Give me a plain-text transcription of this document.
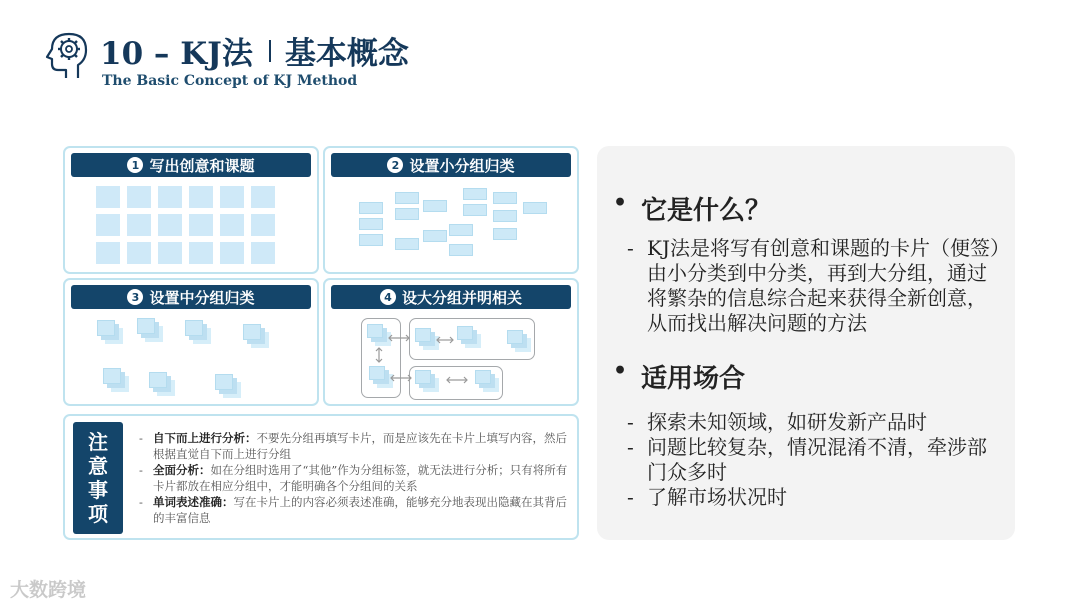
10 – KJ法 基本概念
The Basic Concept of KJ Method
1 写出创意和课题	2 设置小分组归类
3 设置中分组归类	4 设大分组并明相关
注
意
事
项
- 自下而上进行分析：不要先分组再填写卡片，而是应该先在卡片上填写内容，然后根据直觉自下而上进行分组
- 全面分析：如在分组时选用了“其他”作为分组标签，就无法进行分析；只有将所有卡片都放在相应分组中，才能明确各个分组间的关系
- 单词表述准确：写在卡片上的内容必须表述准确，能够充分地表现出隐藏在其背后的丰富信息
• 它是什么？
- KJ法是将写有创意和课题的卡片（便签）
由小分类到中分类，再到大分组，通过
将繁杂的信息综合起来获得全新创意，
从而找出解决问题的方法
• 适用场合
- 探索未知领域，如研发新产品时
- 问题比较复杂，情况混淆不清，牵涉部
门众多时
- 了解市场状况时
大数跨境
